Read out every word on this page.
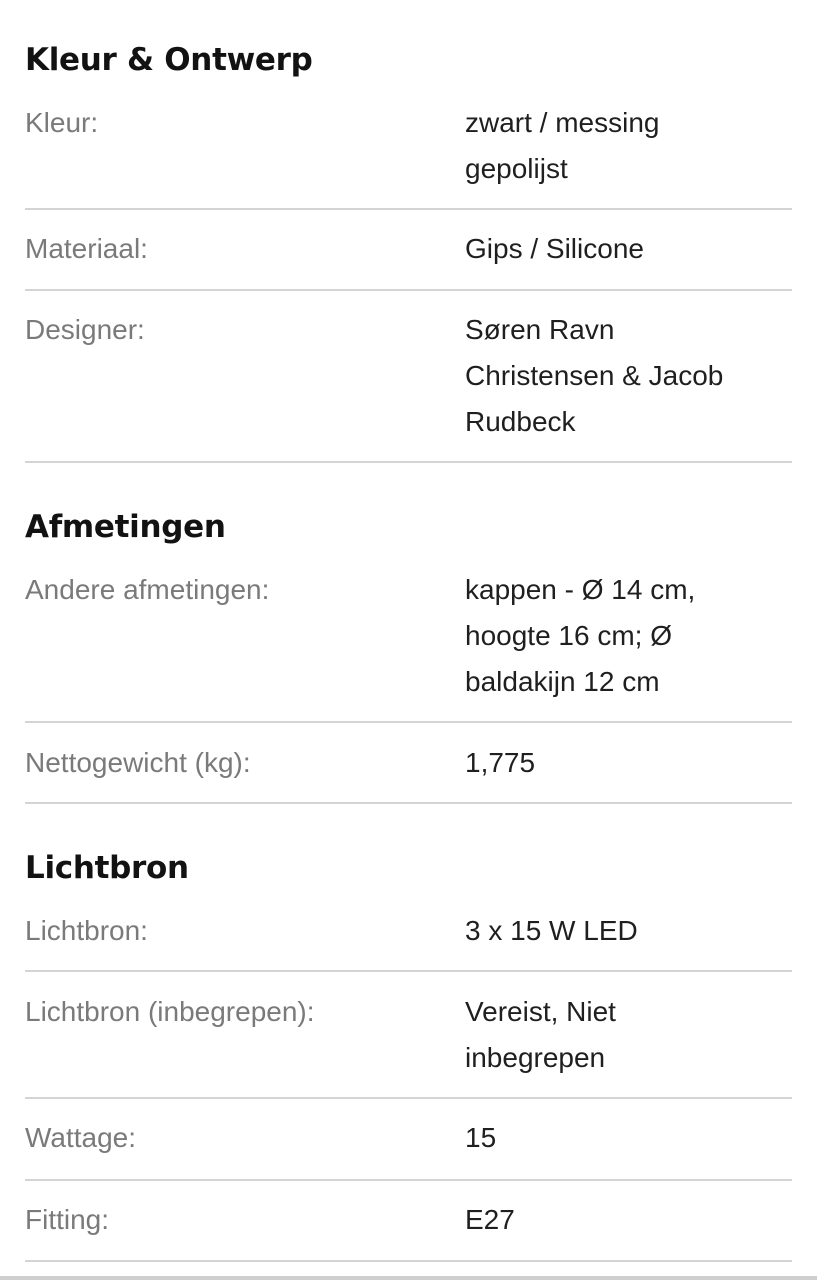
Kleur & Ontwerp
Kleur:	zwart / messing
gepolijst
Materiaal:	Gips / Silicone
Designer:	Søren Ravn
Christensen & Jacob
Rudbeck
Afmetingen
Andere afmetingen:	kappen - Ø 14 cm,
hoogte 16 cm; Ø
baldakijn 12 cm
Nettogewicht (kg):	1,775
Lichtbron
Lichtbron:	3 x 15 W LED
Lichtbron (inbegrepen):	Vereist, Niet
inbegrepen
Wattage:	15
Fitting:	E27
